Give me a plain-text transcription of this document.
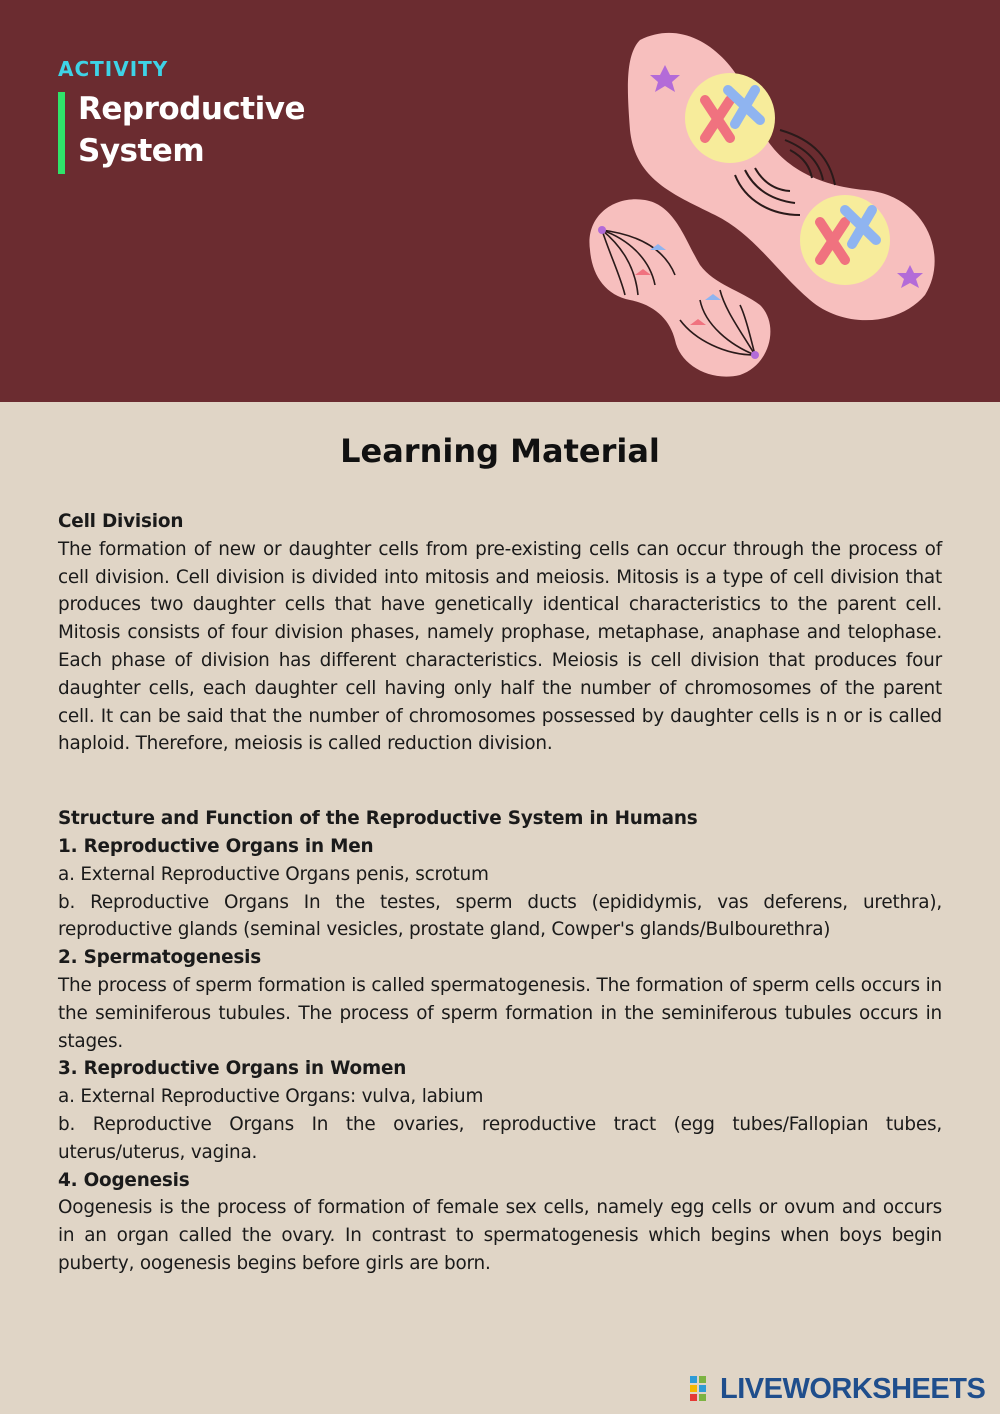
ACTIVITY
Reproductive
System
Learning Material

Cell Division

The formation of new or daughter cells from pre-existing cells can occur through the process of cell division. Cell division is divided into mitosis and meiosis. Mitosis is a type of cell division that produces two daughter cells that have genetically identical characteristics to the parent cell. Mitosis consists of four division phases, namely prophase, metaphase, anaphase and telophase. Each phase of division has different characteristics. Meiosis is cell division that produces four daughter cells, each daughter cell having only half the number of chromosomes of the parent cell. It can be said that the number of chromosomes possessed by daughter cells is n or is called haploid. Therefore, meiosis is called reduction division.

Structure and Function of the Reproductive System in Humans

1. Reproductive Organs in Men

a. External Reproductive Organs penis, scrotum

b. Reproductive Organs In the testes, sperm ducts (epididymis, vas deferens, urethra), reproductive glands (seminal vesicles, prostate gland, Cowper's glands/Bulbourethra)

2. Spermatogenesis

The process of sperm formation is called spermatogenesis. The formation of sperm cells occurs in the seminiferous tubules. The process of sperm formation in the seminiferous tubules occurs in stages.

3. Reproductive Organs in Women

a. External Reproductive Organs: vulva, labium

b. Reproductive Organs In the ovaries, reproductive tract (egg tubes/Fallopian tubes, uterus/uterus, vagina.

4. Oogenesis

Oogenesis is the process of formation of female sex cells, namely egg cells or ovum and occurs in an organ called the ovary. In contrast to spermatogenesis which begins when boys begin puberty, oogenesis begins before girls are born.

LIVEWORKSHEETS
